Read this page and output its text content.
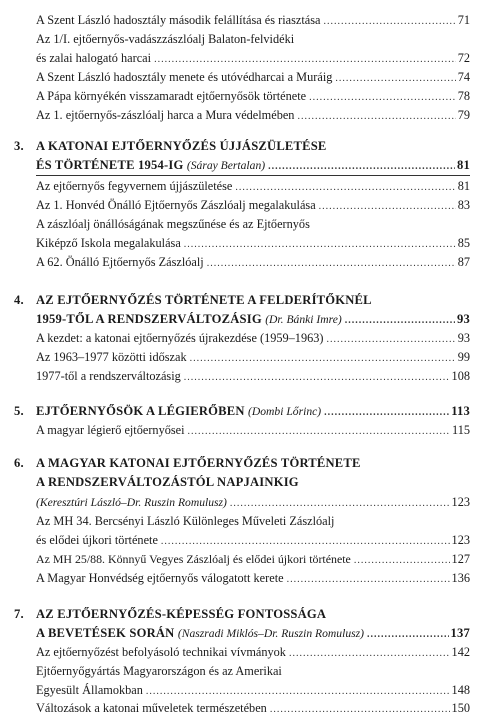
A Szent László hadosztály második felállítása és riasztása .....	71
Az 1/I. ejtőernyős-vadászzászlóalj Balaton-felvidéki
és zalai halogató harcai .....	72
A Szent László hadosztály menete és utóvédharcai a Muráig .....	74
A Pápa környékén visszamaradt ejtőernyősök története .....	78
Az 1. ejtőernyős-zászlóalj harca a Mura védelmében .....	79
3. A KATONAI EJTŐERNYŐZÉS ÚJJÁSZÜLETÉSE
ÉS TÖRTÉNETE 1954-IG
(Sáray Bertalan) .....	81
Az ejtőernyős fegyvernem újjászületése .....	81
Az 1. Honvéd Önálló Ejtőernyős Zászlóalj megalakulása .....	83
A zászlóalj önállóságának megszűnése és az Ejtőernyős
Kiképző Iskola megalakulása .....	85
A 62. Önálló Ejtőernyős Zászlóalj .....	87
4. AZ EJTŐERNYŐZÉS TÖRTÉNETE A FELDERÍTŐKNÉL
1959-TŐL A RENDSZERVÁLTOZÁSIG
(Dr. Bánki Imre) .....	93
A kezdet: a katonai ejtőernyőzés újrakezdése (1959–1963) .....	93
Az 1963–1977 közötti időszak .....	99
1977-től a rendszerváltozásig .....	108
5. EJTŐERNYŐSÖK A LÉGIERŐBEN
(Dombi Lőrinc) .....	113
A magyar légierő ejtőernyősei .....	115
6. A MAGYAR KATONAI EJTŐERNYŐZÉS TÖRTÉNETE
A RENDSZERVÁLTOZÁSTÓL NAPJAINKIG
(Keresztúri László–Dr. Ruszin Romulusz) .....	123
Az MH 34. Bercsényi László Különleges Műveleti Zászlóalj
és elődei újkori története .....	123
Az MH 25/88. Könnyű Vegyes Zászlóalj és elődei újkori története .....	127
A Magyar Honvédség ejtőernyős válogatott kerete .....	136
7. AZ EJTŐERNYŐZÉS-KÉPESSÉG FONTOSSÁGA
A BEVETÉSEK SORÁN
(Naszradi Miklós–Dr. Ruszin Romulusz) .....	137
Az ejtőernyőzést befolyásoló technikai vívmányok .....	142
Ejtőernyőgyártás Magyarországon és az Amerikai
Egyesült Államokban .....	148
Változások a katonai műveletek természetében .....	150
